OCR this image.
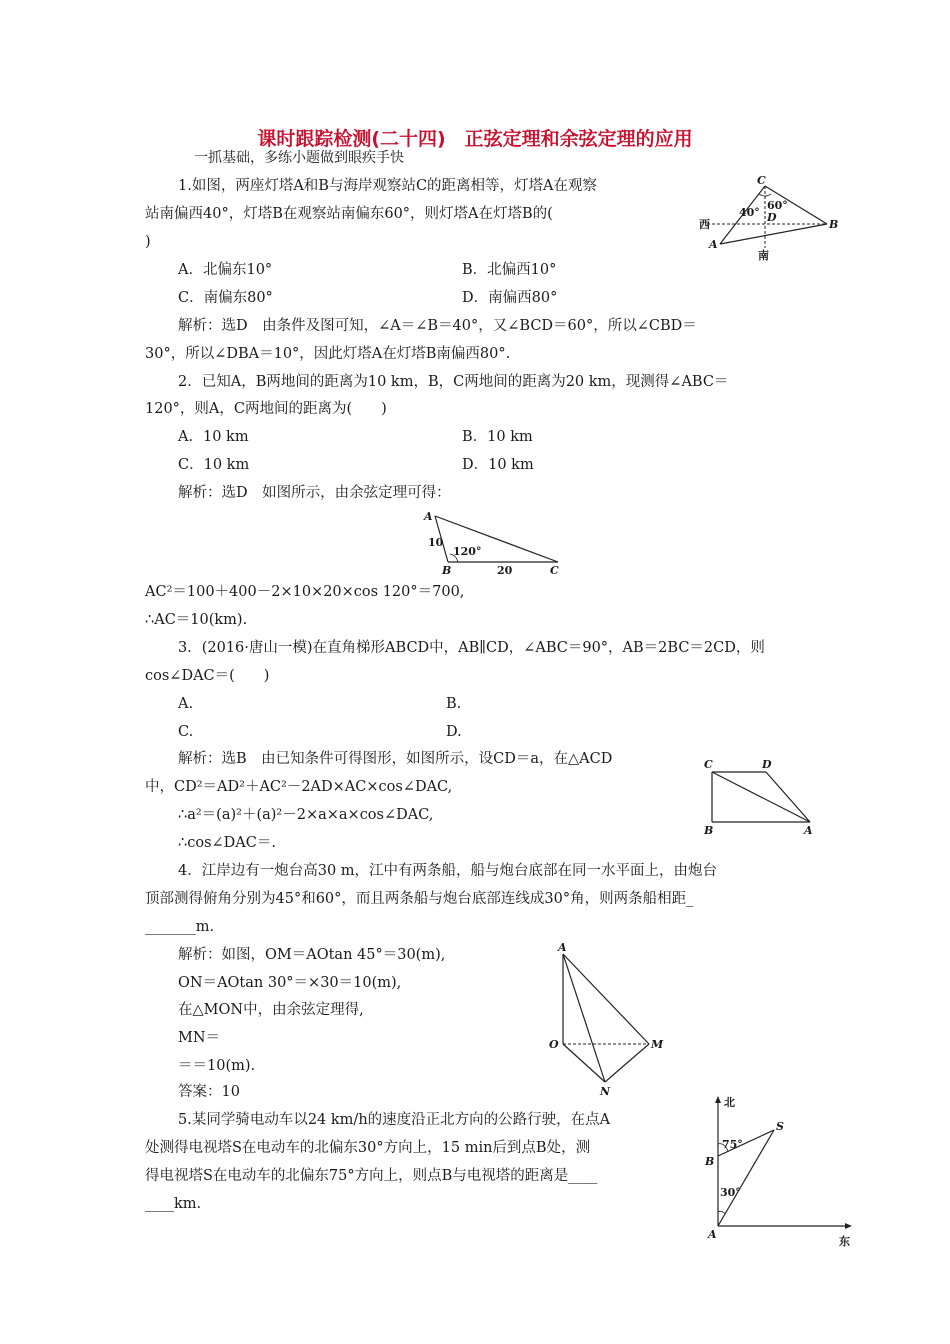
课时跟踪检测(二十四)　正弦定理和余弦定理的应用
一抓基础，多练小题做到眼疾手快
1.如图，两座灯塔A和B与海岸观察站C的距离相等，灯塔A在观察
站南偏西40°，灯塔B在观察站南偏东60°，则灯塔A在灯塔B的(
)
A．北偏东10°	B．北偏西10°
C．南偏东80°	D．南偏西80°
解析：选D　由条件及图可知，∠A＝∠B＝40°，又∠BCD＝60°，所以∠CBD＝
30°，所以∠DBA＝10°，因此灯塔A在灯塔B南偏西80°.
C
40°
60°
D
西	B
A
南
2．已知A，B两地间的距离为10 km，B，C两地间的距离为20 km，现测得∠ABC＝
120°，则A，C两地间的距离为(　　)
A．10 km	B．10 km
C．10 km	D．10 km
解析：选D　如图所示，由余弦定理可得：
A
10
120°
B	20	C
AC²＝100＋400－2×10×20×cos 120°＝700,
∴AC＝10(km).
3．(2016·唐山一模)在直角梯形ABCD中，AB∥CD，∠ABC＝90°，AB＝2BC＝2CD，则
cos∠DAC＝(　　)
A.	B.
C.	D.
解析：选B　由已知条件可得图形，如图所示，设CD＝a，在△ACD
中，CD²＝AD²＋AC²－2AD×AC×cos∠DAC,
∴a²＝(a)²＋(a)²－2×a×a×cos∠DAC,
∴cos∠DAC＝.
C	D
B	A
4．江岸边有一炮台高30 m，江中有两条船，船与炮台底部在同一水平面上，由炮台
顶部测得俯角分别为45°和60°，而且两条船与炮台底部连线成30°角，则两条船相距_
_______m.
解析：如图，OM＝AOtan 45°＝30(m),
ON＝AOtan 30°＝×30＝10(m),
在△MON中，由余弦定理得,
MN＝
＝＝10(m).
答案：10
A
O	M
N
5.某同学骑电动车以24 km/h的速度沿正北方向的公路行驶，在点A
处测得电视塔S在电动车的北偏东30°方向上，15 min后到点B处，测
得电视塔S在电动车的北偏东75°方向上，则点B与电视塔的距离是____
____km.
北
S
75°
B
30°
A
东
